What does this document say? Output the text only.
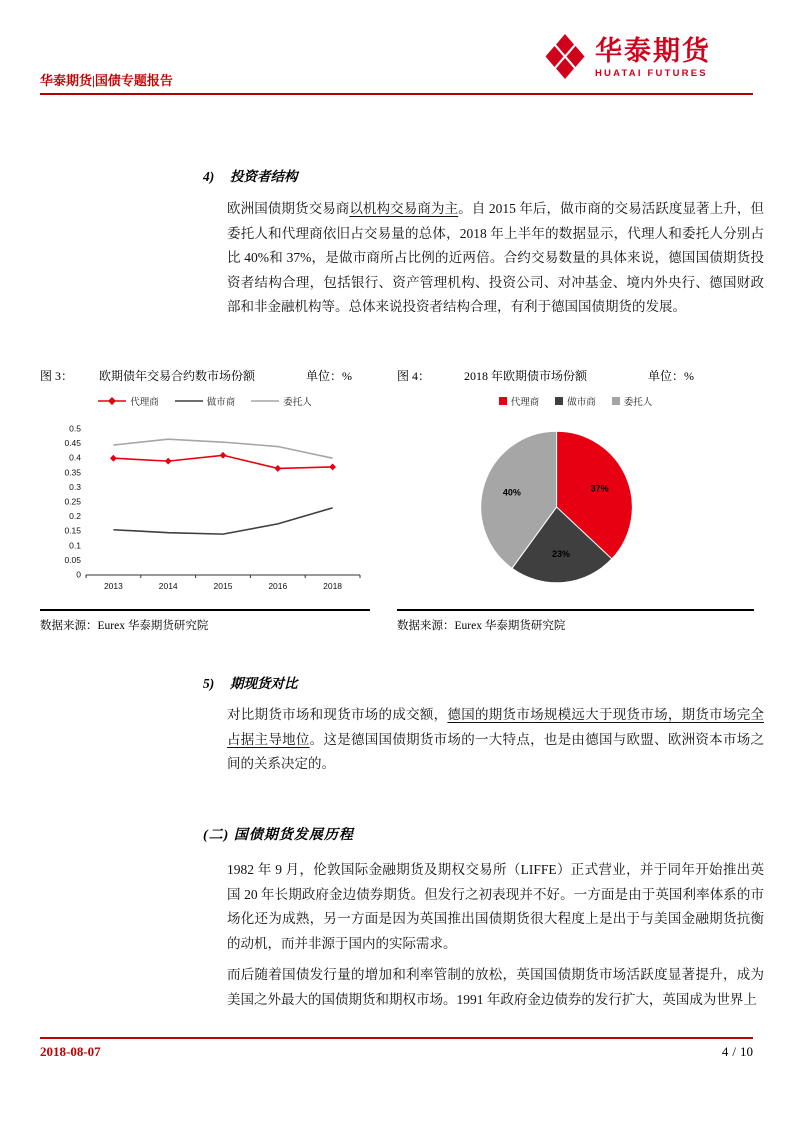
华泰期货|国债专题报告
华泰期货
HUATAI FUTURES
4) 投资者结构
欧洲国债期货交易商以机构交易商为主。自 2015 年后，做市商的交易活跃度显著上升，但委托人和代理商依旧占交易量的总体，2018 年上半年的数据显示，代理人和委托人分别占比 40%和 37%，是做市商所占比例的近两倍。合约交易数量的具体来说，德国国债期货投资者结构合理，包括银行、资产管理机构、投资公司、对冲基金、境内外央行、德国财政部和非金融机构等。总体来说投资者结构合理，有利于德国国债期货的发展。
图 3： 欧期债年交易合约数市场份额	单位：%
代理商	做市商	委托人
0
0.05
0.1
0.15
0.2
0.25
0.3
0.35
0.4
0.45
0.5
2013	2014	2015	2016	2018
数据来源：Eurex 华泰期货研究院
图 4：	2018 年欧期债市场份额	单位：%
代理商	做市商	委托人
37%
23%
40%
数据来源：Eurex 华泰期货研究院
5) 期现货对比
对比期货市场和现货市场的成交额，德国的期货市场规模远大于现货市场，期货市场完全占据主导地位。这是德国国债期货市场的一大特点，也是由德国与欧盟、欧洲资本市场之间的关系决定的。
(二) 国债期货发展历程
1982 年 9 月，伦敦国际金融期货及期权交易所（LIFFE）正式营业，并于同年开始推出英国 20 年长期政府金边债券期货。但发行之初表现并不好。一方面是由于英国利率体系的市场化还为成熟，另一方面是因为英国推出国债期货很大程度上是出于与美国金融期货抗衡的动机，而并非源于国内的实际需求。
而后随着国债发行量的增加和利率管制的放松，英国国债期货市场活跃度显著提升，成为美国之外最大的国债期货和期权市场。1991 年政府金边债券的发行扩大，英国成为世界上
2018-08-07	4 / 10
